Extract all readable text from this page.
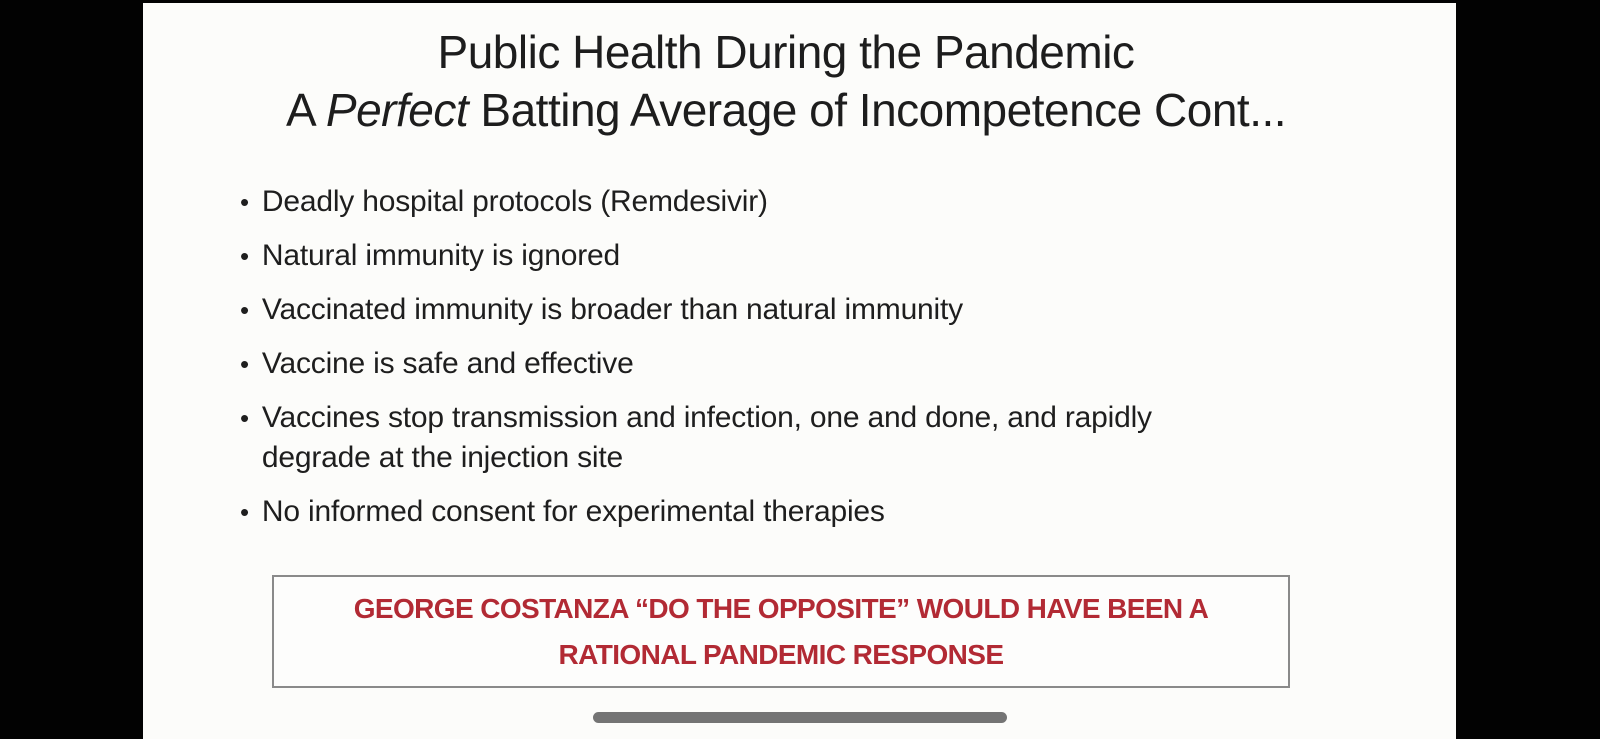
Public Health During the Pandemic
A Perfect Batting Average of Incompetence Cont...
• Deadly hospital protocols (Remdesivir)
• Natural immunity is ignored
• Vaccinated immunity is broader than natural immunity
• Vaccine is safe and effective
• Vaccines stop transmission and infection, one and done, and rapidly
degrade at the injection site
• No informed consent for experimental therapies
GEORGE COSTANZA “DO THE OPPOSITE” WOULD HAVE BEEN A
RATIONAL PANDEMIC RESPONSE
